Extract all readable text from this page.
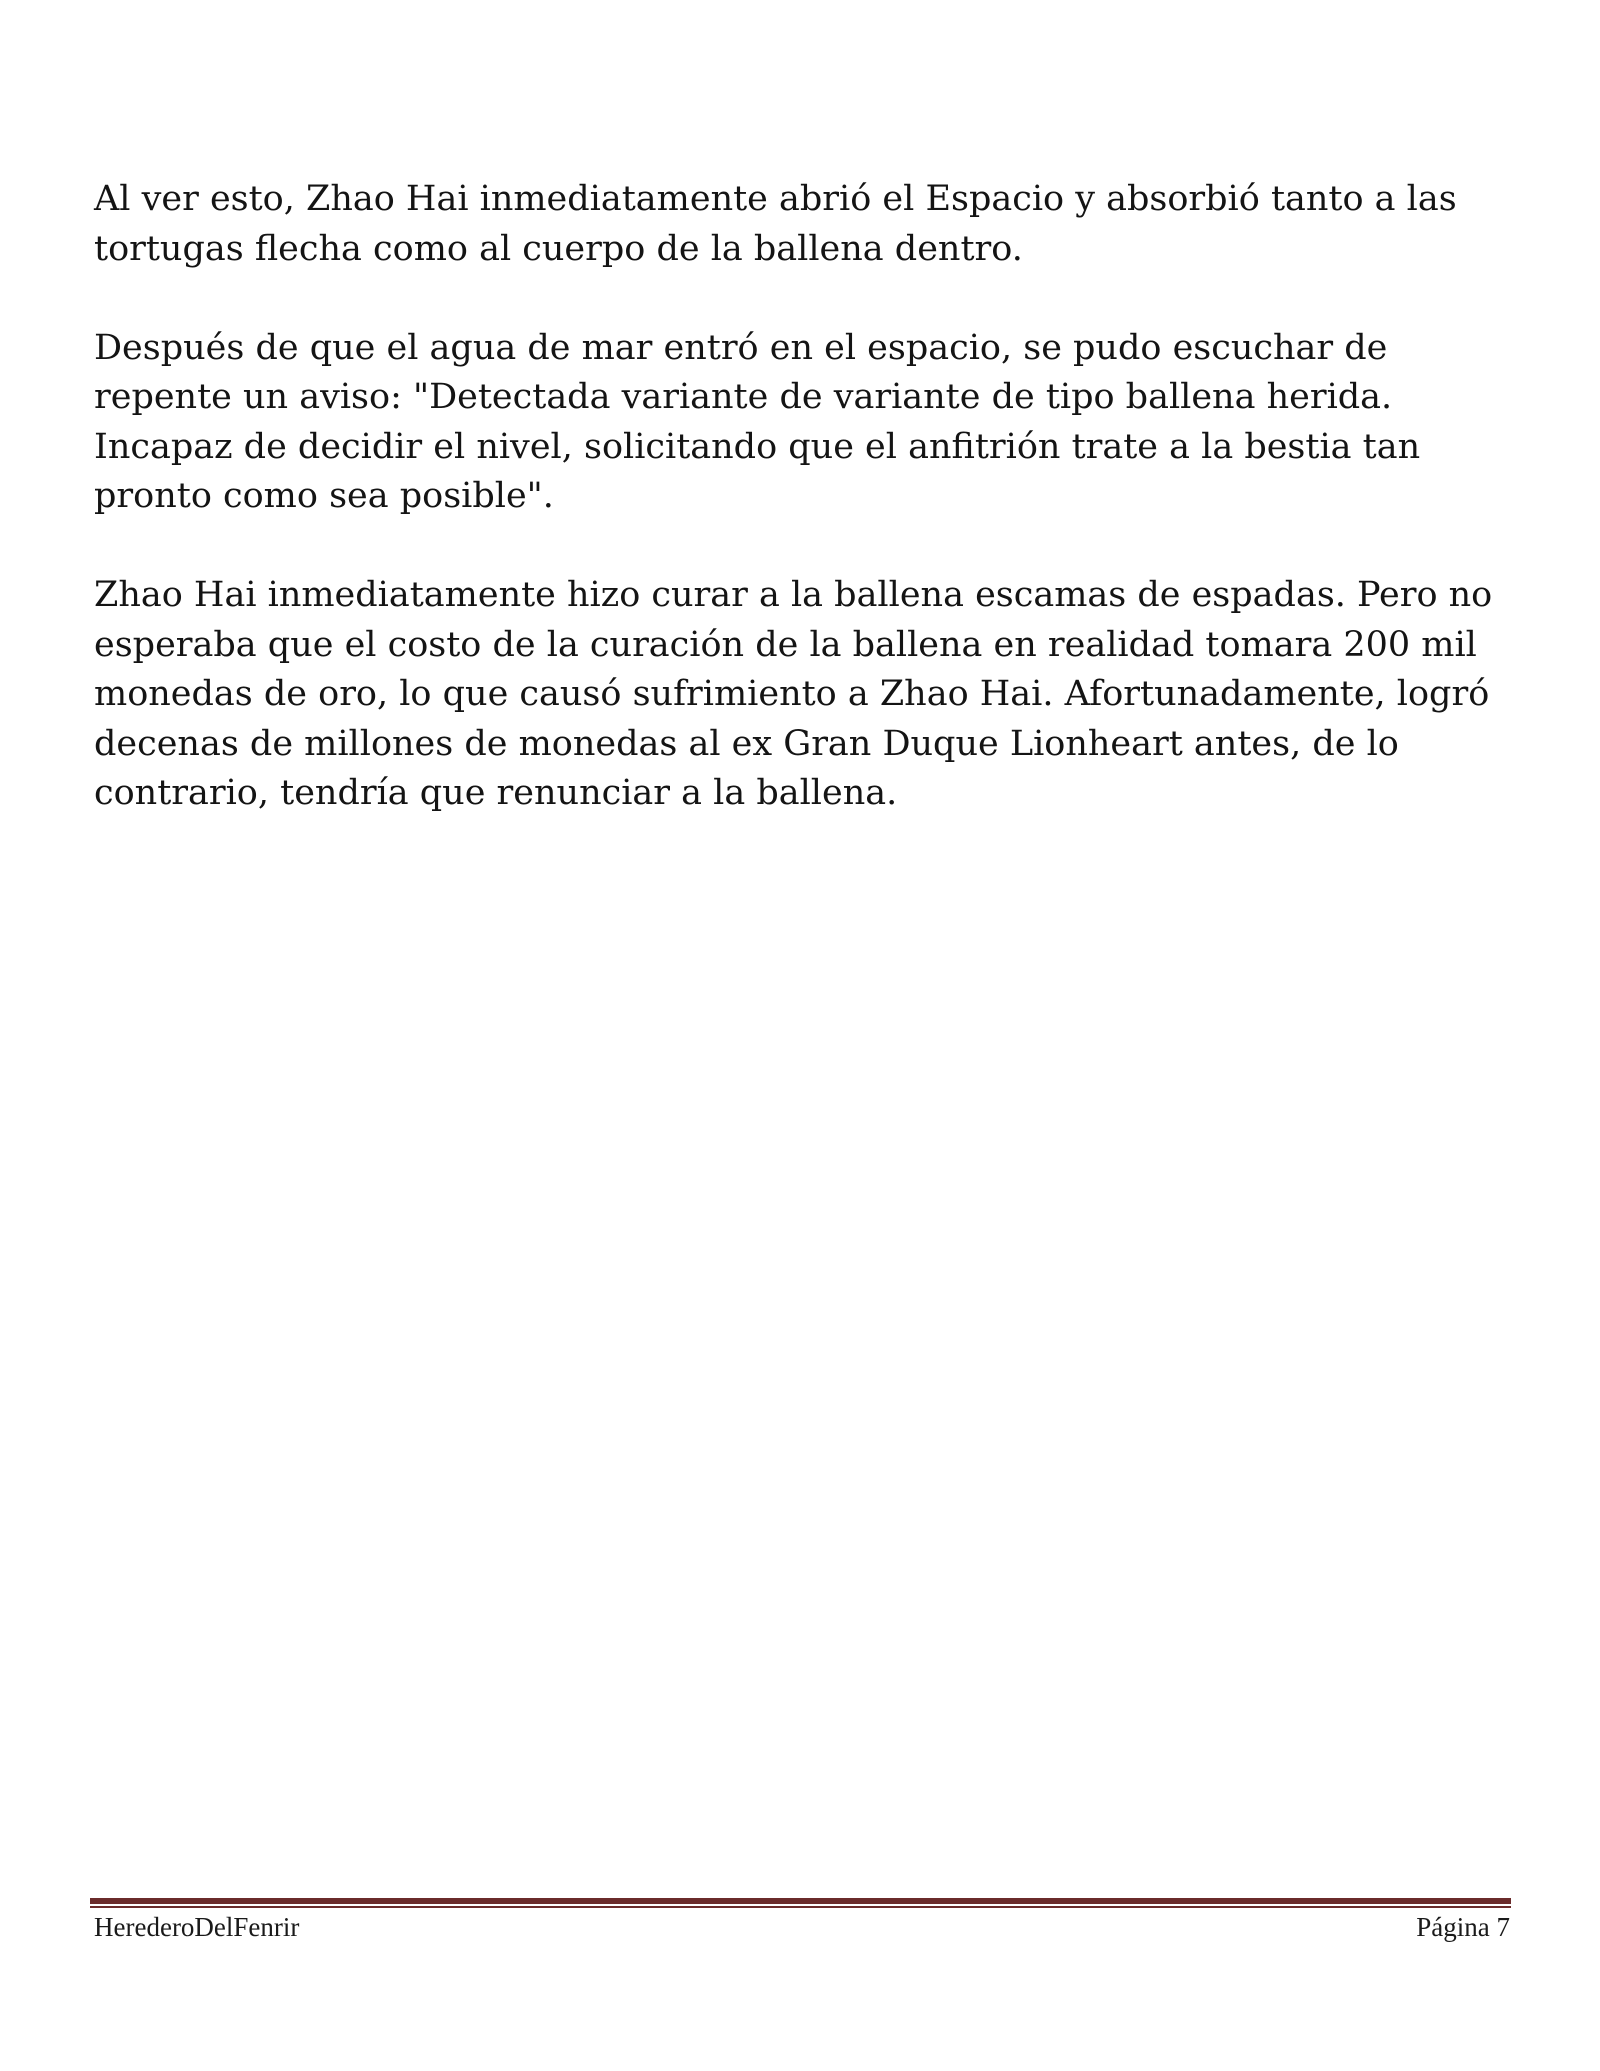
Al ver esto, Zhao Hai inmediatamente abrió el Espacio y absorbió tanto a las
tortugas flecha como al cuerpo de la ballena dentro.

Después de que el agua de mar entró en el espacio, se pudo escuchar de
repente un aviso: "Detectada variante de variante de tipo ballena herida.
Incapaz de decidir el nivel, solicitando que el anfitrión trate a la bestia tan
pronto como sea posible".

Zhao Hai inmediatamente hizo curar a la ballena escamas de espadas. Pero no
esperaba que el costo de la curación de la ballena en realidad tomara 200 mil
monedas de oro, lo que causó sufrimiento a Zhao Hai. Afortunadamente, logró
decenas de millones de monedas al ex Gran Duque Lionheart antes, de lo
contrario, tendría que renunciar a la ballena.

HerederoDelFenrir	Página 7
